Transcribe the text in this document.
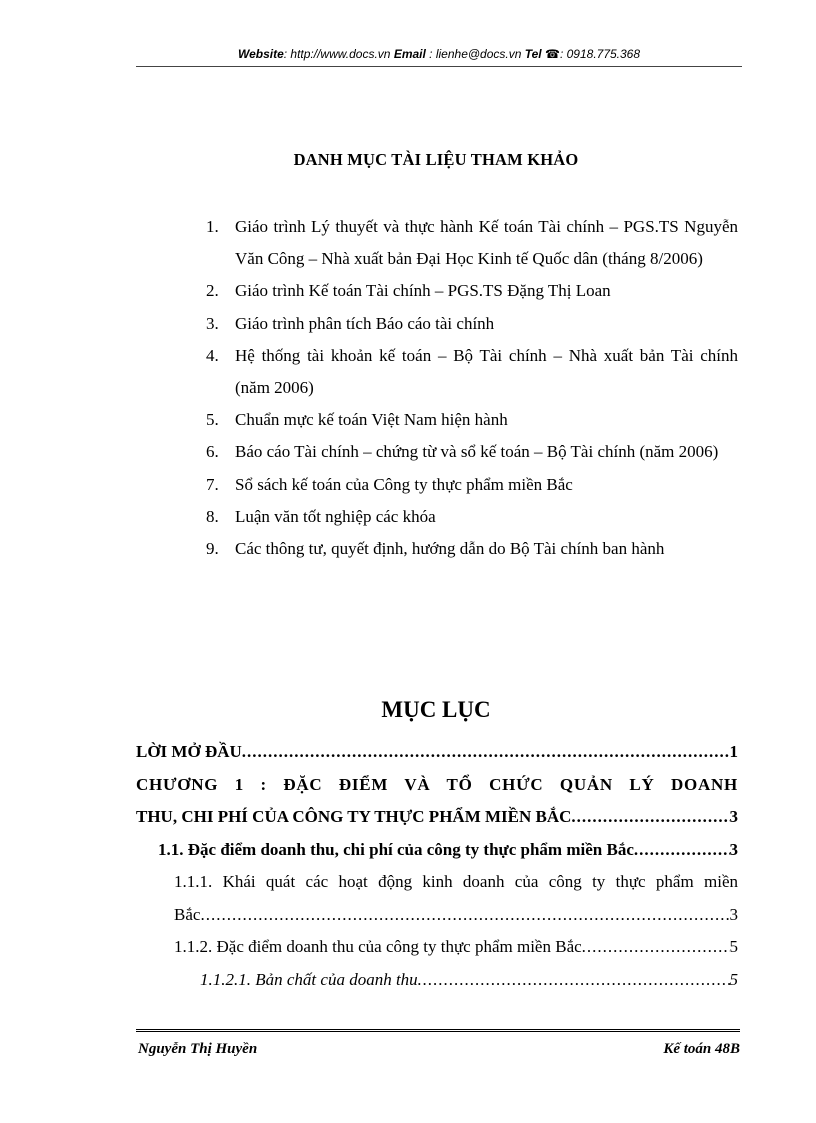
Website: http://www.docs.vn Email : lienhe@docs.vn Tel ☎: 0918.775.368
DANH MỤC TÀI LIỆU THAM KHẢO
1. Giáo trình Lý thuyết và thực hành Kế toán Tài chính – PGS.TS Nguyễn Văn Công – Nhà xuất bản Đại Học Kinh tế Quốc dân (tháng 8/2006)
2. Giáo trình Kế toán Tài chính – PGS.TS Đặng Thị Loan
3. Giáo trình phân tích Báo cáo tài chính
4. Hệ thống tài khoản kế toán – Bộ Tài chính – Nhà xuất bản Tài chính (năm 2006)
5. Chuẩn mực kế toán Việt Nam hiện hành
6. Báo cáo Tài chính – chứng từ và sổ kế toán – Bộ Tài chính (năm 2006)
7. Sổ sách kế toán của Công ty thực phẩm miền Bắc
8. Luận văn tốt nghiệp các khóa
9. Các thông tư, quyết định, hướng dẫn do Bộ Tài chính ban hành
MỤC LỤC
LỜI MỞ ĐẦU .....	1
CHƯƠNG 1 : ĐẶC ĐIỂM VÀ TỔ CHỨC QUẢN LÝ DOANH
THU, CHI PHÍ CỦA CÔNG TY THỰC PHẨM MIỀN BẮC .....	3
1.1. Đặc điểm doanh thu, chi phí của công ty thực phẩm miền Bắc .....	3
1.1.1. Khái quát các hoạt động kinh doanh của công ty thực phẩm miền
Bắc .....	3
1.1.2. Đặc điểm doanh thu của công ty thực phẩm miền Bắc .....	5
1.1.2.1. Bản chất của doanh thu .....	5
Nguyễn Thị Huyền	Kế toán 48B
